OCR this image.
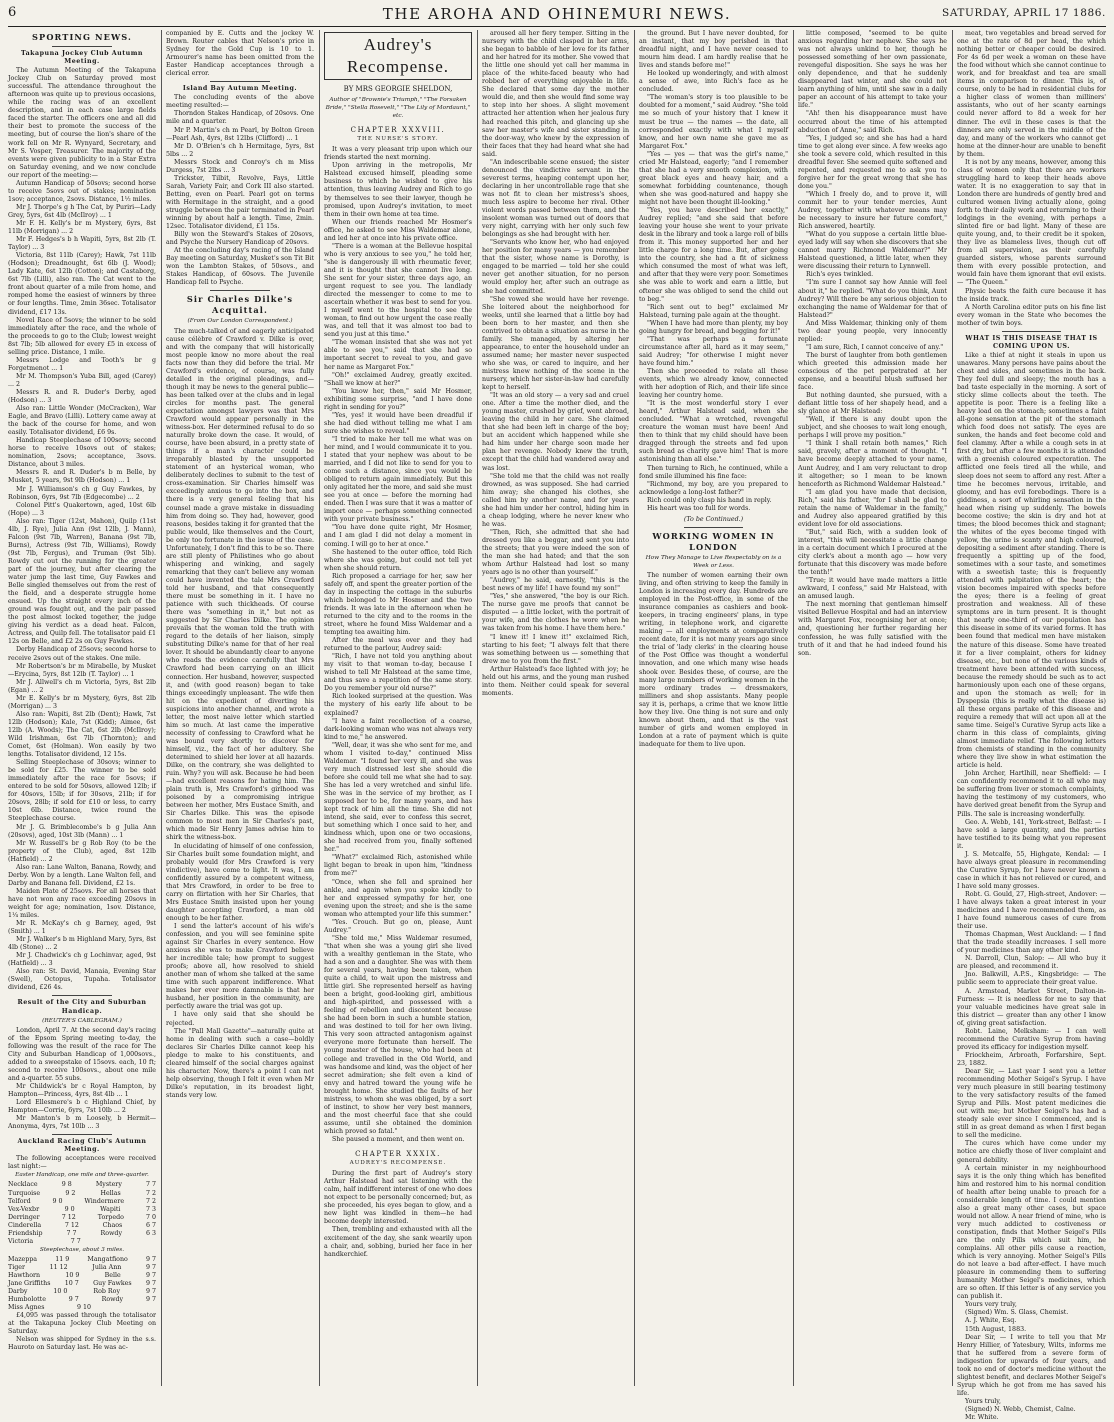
6	THE AROHA AND OHINEMURI NEWS.	SATURDAY, APRIL 17 1886.
SPORTING NEWS.
Takapuna Jockey Club Autumn Meeting.

The Autumn Meeting of the Takapuna Jockey Club on Saturday proved most successful. The attendance throughout the afternoon was quite up to previous occasions, while the racing was of an excellent description, and in each case large fields faced the starter. The officers one and all did their best to promote the success of the meeting, but of course the lion's share of the work fell on Mr R. Wynyard, Secretary, and Mr S. Vosper, Treasurer. The majority of the events were given publicity to in a Star Extra on Saturday evening, and we now conclude our report of the meeting:—

Autumn Handicap of 50sovs; second horse to receive 5sovs out of stakes; nomination 1sov; acceptance, 2sovs. Distance, 1½ miles.

Mr J. Thorpe's g h The Cat, by Puriri—Lady Grey, 5yrs, 6st 4lb (McIlroy) ... 1

Mr F. H. Kelly's br m Mystery, 6yrs, 8st 11lb (Morrigan) ... 2

Mr F. Hedges's b h Wapiti, 5yrs, 8st 2lb (T. Taylor) ... 3

Victoria, 8st 11lb (Carey); Hawk, 7st 11lb (Hodson); Dreadnought, 6st 6lb (J. Wood); Lady Kate, 6st 12lb (Cotton); and Castaborg, 6st 7lb (Lilli), also ran. The Cat went to the front about quarter of a mile from home, and romped home the easiest of winners by three or four lengths. Time, 2min 36sec. Totalisator dividend, £17 13s.

Novel Race of 5sovs; the winner to be sold immediately after the race, and the whole of the proceeds to go to the Club; lowest weight 8st 7lb; 5lb allowed for every £5 in excess of selling price. Distance, 1 mile.

Messrs Lodge and Tooth's br g Forgetmenot ... 1

Mr M. Thompson's Yuba Bill, aged (Carey) ... 2

Messrs R. and R. Duder's Derby, aged (Hodson) ... 3

Also ran: Little Wonder (McCracken), War Eagle, and Bravo (Lilli). Lottery came away at the back of the course for home, and won easily. Totalisator dividend, £6 9s.

Handicap Steeplechase of 100sovs; second horse to receive 10sovs out of stakes; nomination, 2sovs; acceptance, 3sovs. Distance, about 3 miles.

Messrs R. and R. Duder's b m Belle, by Musket, 5 years, 9st 9lb (Hodson) ... 1

Mr J. Williamson's ch g Guy Fawkes, by Robinson, 6yrs, 9st 7lb (Edgecombe) ... 2

Colonel Pitt's Quakertown, aged, 10st 6lb (Hope) ... 3

Also ran: Tiger (12st, Mahon), Quilp (11st 4lb, J. Rye), Julia Ann (9st 12lb, J. Mann), Falcon (9st 7lb, Warren), Banana (9st 7lb, Burns), Actress (9st 7lb, Williams), Rowdy (9st 7lb, Fergus), and Truman (9st 5lb). Rowdy cut out the running for the greater part of the journey, but after clearing the water jump the last time, Guy Fawkes and Belle singled themselves out from the rest of the field, and a desperate struggle home ensued. Up the straight every inch of the ground was fought out, and the pair passed the post almost locked together, the judge giving his verdict as a dead heat. Falcon, Actress, and Quilp fell. The totalisator paid £1 12s on Belle, and £2 2s on Guy Fawkes.

Derby Handicap of 25sovs; second horse to receive 2sovs out of the stakes. One mile.

Mr Robertson's br m Mirabelle, by Musket—Erycina, 5yrs, 8st 12lb (T. Taylor) ... 1

Mr J. Allwell's ch m Victoria, 5yrs, 8st 2lb (Egan) ... 2

Mr E. Kelly's br m Mystery, 6yrs, 8st 2lb (Morrigan) ... 3

Also ran: Wapiti, 8st 2lb (Dent); Hawk, 7st 12lb (Hodson); Kale, 7st (Kidd); Aimee, 6st 12lb (A. Woods); The Cat, 6st 2lb (McIlroy); Wild Irishman, 6st 7lb (Thornton); and Comet, 6st (Holman). Won easily by two lengths. Totalisator dividend, 12 15s.

Selling Steeplechase of 30sovs; winner to be sold for £25. The winner to be sold immediately after the race for 5sovs; if entered to be sold for 50sovs, allowed 12lb; if for 40sovs, 15lb; if for 30sovs, 21lb; if for 20sovs, 28lb; if sold for £10 or less, to carry 10st 6lb. Distance, twice round the Steeplechase course.

Mr J. G. Brimblecombe's b g Julia Ann (20sovs), aged, 10st 3lb (Mann) ... 1

Mr W. Russell's br g Rob Roy (to be the property of the Club), aged, 8st 12lb (Hatfield) ... 2

Also ran: Lane Walton, Banana, Rowdy, and Derby. Won by a length. Lane Walton fell, and Darby and Banana fell. Dividend, £2 1s.

Maiden Plate of 25sovs. For all horses that have not won any race exceeding 20sovs in weight for age; nomination, 1sov. Distance, 1¼ miles.

Mr R. McKay's ch g Barney, aged, 9st (Smith) ... 1

Mr J. Walker's b m Highland Mary, 5yrs, 8st 4lb (Stone) ... 2

Mr J. Chadwick's ch g Lochinvar, aged, 9st (Hatfield) ... 3

Also ran: St. David, Manaia, Evening Star (Swell), Octopus, Tupaha. Totalisator dividend, £26 4s.

Result of the City and Suburban Handicap.
(REUTER'S CABLEGRAM.)

London, April 7. At the second day's racing of the Epsom Spring meeting to-day, the following was the result of the race for The City and Suburban Handicap of 1,000sovs., added to a sweepstake of 15sovs. each, 10 ft; second to receive 100sovs., about one mile and a-quarter. 55 subs.

Mr Childwick's br c Royal Hampton, by Hampton—Princess, 4yrs, 8st 4lb ... 1

Lord Ellesmere's b c Highland Chief, by Hampton—Corrie, 6yrs, 7st 10lb ... 2

Mr Manton's b m Loosely, b Hermit—Anonyma, 4yrs, 7st 10lb ... 3

Auckland Racing Club's Autumn Meeting.

The following acceptances were received last night:—

Easter Handicap, one mile and three-quarter.
Necklace	9 8	Mystery	7 7
Turquoise	9 2	Hellas	7 2
Telford	9 0	Windermere	7 2
Vex-Vexbr	9 0	Wapiti	7 3
Derringer	7 12	Torpedo	7 0
Cinderella	7 12	Chaos	6 7
Friendship	7 7	Rowdy	6 3
Victoria	7 7
Steeplechase, about 3 miles.
Mazeppa	11 9	Mangatfiono	9 7
Tiger	11 12	Julia Ann	9 7
Hawthorn	10 9	Belle	9 7
Jane Griffiths 10 7 Guy Fawkes 9 7
Darby	10 0	Rob Roy	9 7
Humbolotte	9 7	Rowdy	9 7
Miss Agnes	9 10

£4,095 was passed through the totalisator at the Takapuna Jockey Club Meeting on Saturday.

Nelson was shipped for Sydney in the s.s. Hauroto on Saturday last. He was ac-

companied by E. Cutts and the jockey W. Brown. Reuter cables that Nelson's price in Sydney for the Gold Cup is 10 to 1. Armourer's name has been omitted from the Easter Handicap acceptances through a clerical error.

Island Bay Autumn Meeting.

The concluding events of the above meeting resulted:—

Thorndon Stakes Handicap, of 20sovs. One mile and a quarter.

Mr P. Martin's ch m Pearl, by Bolton Green—Pearl Ash, 4yrs, 8st 12lbs (Clifford) ... 1

Mr D. O'Brien's ch h Hermitage, 5yrs, 8st 5lbs ... 2

Messrs Stock and Conroy's ch m Miss Durgess, 7st 2lbs ... 3

Trickster, Tilbit, Revolve, Fays, Little Sarah, Variety Fair, and Cork III also started. Betting, even on Pearl. Pearl got on terms with Hermitage in the straight, and a good struggle between the pair terminated in Pearl winning by about half a length. Time, 2min. 12sec. Totalisator dividend, £1 15s.

Billy won the Steward's Stakes of 20sovs, and Psyche the Nursery Handicap of 20sovs.

At the concluding day's racing of the Island Bay meeting on Saturday, Musket's son Tit Bit won the Lambton Stakes, of 50sovs., and Stakes Handicap, of 60sovs. The Juvenile Handicap fell to Psyche.

Sir Charles Dilke's Acquittal.
(From Our London Correspondent.)

The much-talked of and eagerly anticipated cause célèbre of Crawford v. Dilke is over, and with the company that will historically most people know no more about the real facts now than they did before the trial. Mr Crawford's evidence, of course, was fully detailed in the original pleadings, and—though it may be news to the general public—has been talked over at the clubs and in legal circles for months past. The general expectation amongst lawyers was that Mrs Crawford would appear personally in the witness-box. Her determined refusal to do so naturally broke down the case. It would, of course, have been absurd, in a pretty state of things if a man's character could be irreparably blasted by the unsupported statement of an hysterical woman, who deliberately declines to submit to the test of cross-examination. Sir Charles himself was exceedingly anxious to go into the box, and there is a very general feeling that his counsel made a grave mistake in dissuading him from doing so. They had, however, good reasons, besides taking it for granted that the public would, like themselves and the Court, be only too fortunate in the issue of the case. Unfortunately, I don't find this to be so. There are still plenty of Philistines who go about whispering and winking, and sagely remarking that they can't believe any woman could have invented the tale Mrs Crawford told her husband, and that consequently there must be something in it. I have no patience with such thickheads. Of course there was "something in it," but not as suggested by Sir Charles Dilke. The opinion prevails that the woman told the truth with regard to the details of her liaison, simply substituting Dilke's name for that of her real lover. It should be abundantly clear to anyone who reads the evidence carefully that Mrs Crawford had been carrying on an illicit connection. Her husband, however, suspected it, and (with good reason) began to take things exceedingly unpleasant. The wife then hit on the expedient of diverting his suspicions into another channel, and wrote a letter, the most naive letter which startled him so much. At last came the imperative necessity of confessing to Crawford what he was bound very shortly to discover for himself, viz., the fact of her adultery. She determined to shield her lover at all hazards. Dilke, on the contrary, she was delighted to ruin. Why? you will ask. Because he had been—had excellent reasons for hating him. The plain truth is, Mrs Crawford's girlhood was poisoned by a compromising intrigue between her mother, Mrs Eustace Smith, and Sir Charles Dilke. This was the episode common to most men in Sir Charles's past, which made Sir Henry James advise him to shirk the witness-box.

In elucidating of himself of one confession, Sir Charles built some foundation might, and probably would (for Mrs Crawford is very vindictive), have come to light. It was, I am confidently assured by a competent witness, that Mrs Crawford, in order to be free to carry on flirtation with her Sir Charles, that Mrs Eustace Smith insisted upon her young daughter accepting Crawford, a man old enough to be her father.

I send the latter's account of his wife's confession, and you will see feminine spite against Sir Charles in every sentence. How anxious she was to make Crawford believe her incredible tale; how prompt to suggest proofs; above all, how resolved to shield another man of whom she talked at the same time with such apparent indifference. What makes her ever more damnable is that her husband, her position in the community, are perfectly aware the trial was got up.

I have only said that she should be rejected.

The "Pall Mall Gazette"—naturally quite at home in dealing with such a case—boldly declares Sir Charles Dilke cannot keep his pledge to make to his constituents, and cleared himself of the social charges against his character. Now, there's a point I can not help observing, though I felt it even when Mr Dilke's reputation, in its broadest light, stands very low.

Audrey's Recompense.
BY MRS GEORGIE SHELDON,
Author of "Brownie's Triumph," "The Forsaken Bride," "Stella Rosevelt," "The Lily of Mordaunt," etc.
CHAPTER XXXVIII.
THE NURSE'S STORY.

It was a very pleasant trip upon which our friends started the next morning.

Upon arriving in the metropolis, Mr Halstead excused himself, pleading some business to which he wished to give his attention, thus leaving Audrey and Rich to go by themselves to see their lawyer, though he promised, upon Audrey's invitation, to meet them in their own home at tea time.

When our friends reached Mr Hosmer's office, he asked to see Miss Waldemar alone, and led her at once into his private office.

"There is a woman at the Bellevue hospital who is very anxious to see you," he told her, "she is dangerously ill with rheumatic fever, and it is thought that she cannot live long. She sent for your sister, three days ago, an urgent request to see you. The landlady directed the messenger to come to me to ascertain whether it was best to send for you. I myself went to the hospital to see the woman, to find out how urgent the case really was, and tell that it was almost too bad to send you just at this time."

"The woman insisted that she was not yet able to see you," said that she had so important secret to reveal to you, and gave her name as Margaret Fox."

"Oh!" exclaimed Audrey, greatly excited. "Shall we know at her?"

"You know her, then," said Mr Hosmer, exhibiting some surprise, "and I have done right in sending for you?"

"Yes, yes! it would have been dreadful if she had died without telling me what I am sure she wishes to reveal."

"I tried to make her tell me what was on her mind, and I would communicate it to you. I stated that your nephew was about to be married, and I did not like to send for you to come such a distance, since you would be obliged to return again immediately. But this only agitated her the more, and said she must see you at once — before the morning had ended. Then I was sure that it was a matter of import once — perhaps something connected with your private business."

"You have done quite right, Mr Hosmer, and I am glad I did not delay a moment in coming. I will go to her at once."

She hastened to the outer office, told Rich where she was going, but could not tell yet when she should return.

Rich proposed a carriage for her, saw her safely off, and spent the greater portion of the day in inspecting the cottage in the suburbs which belonged to Mr Hosmer and the two friends. It was late in the afternoon when he returned to the city and to the rooms in the street, where he found Miss Waldemar and a tempting tea awaiting him.

After the meal was over and they had returned to the parlour, Audrey said:

"Rich, I have not told you anything about my visit to that woman to-day, because I wished to tell Mr Halstead at the same time, and thus save a repetition of the same story. Do you remember your old nurse?"

Rich looked surprised at the question. Was the mystery of his early life about to be explained?

"I have a faint recollection of a coarse, dark-looking woman who was not always very kind to me," he answered.

"Well, dear, it was she who sent for me, and whom I visited to-day," continued Miss Waldemar. "I found her very ill, and she was very much distressed lest she should die before she could tell me what she had to say. She has led a very wretched and sinful life. She was in the service of my brother, as I supposed her to be, for many years, and has kept track of him all the time. She did not intend, she said, ever to confess this secret, but something which I once said to her, and kindness which, upon one or two occasions, she had received from you, finally softened her."

"What?" exclaimed Rich, astonished while light began to break in upon him, "kindness from me?"

"Once, when she fell and sprained her ankle, and again when you spoke kindly to her and expressed sympathy for her, one evening upon the street; and she is the same woman who attempted your life this summer."

"Yes. Crouch. But go on, please, Aunt Audrey."

"She told me," Miss Waldemar resumed, "that when she was a young girl she lived with a wealthy gentleman in the State, who had a son and a daughter. She was with them for several years, having been taken, when quite a child, to wait upon the mistress and little girl. She represented herself as having been a bright, good-looking girl, ambitious and high-spirited, and possessed with a feeling of rebellion and discontent because she had been born in such a humble station, and was destined to toil for her own living. This very soon attracted antagonism against everyone more fortunate than herself. The young master of the house, who had been at college and travelled in the Old World, and was handsome and kind, was the object of her secret admiration; she felt even a kind of envy and hatred toward the young wife he brought home. She studied the faults of her mistress, to whom she was obliged, by a sort of instinct, to show her very best manners, and the most cheerful face that she could assume, until she obtained the dominion which proved so fatal."

She paused a moment, and then went on.

CHAPTER XXXIX.
AUDREY'S RECOMPENSE.

During the first part of Audrey's story Arthur Halstead had sat listening with the calm, half indifferent interest of one who does not expect to be personally concerned; but, as she proceeded, his eyes began to glow, and a new light was kindled in them—he had become deeply interested.

Then, trembling and exhausted with all the excitement of the day, she sank wearily upon a chair, and, sobbing, buried her face in her handkerchief.

aroused all her fiery temper. Sitting in the nursery with the child clasped in her arms, she began to babble of her love for its father and her hatred for its mother. She vowed that the little one should yet call her mamma in place of the white-faced beauty who had robbed her of everything enjoyable in life. She declared that some day the mother would die, and then she would find some way to step into her shoes. A slight movement attracted her attention when her jealous fury had reached this pitch, and glancing up she saw her master's wife and sister standing in the door-way, who knew by the expression of their faces that they had heard what she had said.

"An indescribable scene ensued; the sister denounced the vindictive servant in the severest terms, heaping contempt upon her, declaring in her uncontrollable rage that she was not fit to clean her mistress's shoes, much less aspire to become her rival. Other violent words passed between them, and the insolent woman was turned out of doors that very night, carrying with her only such few belongings as she had brought with her.

"Servants who know her, who had enjoyed her position for many years — you remember that the sister, whose name is Dorothy, is engaged to be married — told her she could never get another situation, for no person would employ her, after such an outrage as she had committed.

"She vowed she would have her revenge. She loitered about the neighborhood for weeks, until she learned that a little boy had been born to her master, and then she contrived to obtain a situation as nurse in the family. She managed, by altering her appearance, to enter the household under an assumed name; her master never suspected who she was, or cared to inquire, and her mistress knew nothing of the scene in the nursery, which her sister-in-law had carefully kept to herself.

"It was an old story — a very sad and cruel one. After a time the mother died, and the young master, crushed by grief, went abroad, leaving the child in her care. She claimed that she had been left in charge of the boy; but an accident which happened while she had him under her charge soon made her plan her revenge. Nobody knew the truth, except that the child had wandered away and was lost.

"She told me that the child was not really drowned, as was supposed. She had carried him away; she changed his clothes, she called him by another name, and for years she had him under her control, hiding him in a cheap lodging, where he never knew who he was.

"Then, Rich, she admitted that she had dressed you like a beggar, and sent you into the streets; that you were indeed the son of the man she had hated; and that the son whom Arthur Halstead had lost so many years ago is no other than yourself."

"Audrey," he said, earnestly, "this is the best news of my life! I have found my son!"

"Yes," she answered, "the boy is our Rich. The nurse gave me proofs that cannot be disputed — a little locket, with the portrait of your wife, and the clothes he wore when he was taken from his home. I have them here."

"I knew it! I knew it!" exclaimed Rich, starting to his feet; "I always felt that there was something between us — something that drew me to you from the first."

Arthur Halstead's face lighted with joy; he held out his arms, and the young man rushed into them. Neither could speak for several moments.

the ground. But I have never doubted, for an instant, that my boy perished in that dreadful night, and I have never ceased to mourn him dead. I am hardly realise that he lives and stands before me!"

He looked up wonderingly, and with almost a sense of awe, into Rich's face as he concluded.

"The woman's story is too plausible to be doubted for a moment," said Audrey. "She told me so much of your history that I knew it must be true — the names — the date, all corresponded exactly with what I myself know, and her own name she gave me as Margaret Fox."

"Yes — yes — that was the girl's name," cried Mr Halstead, eagerly; "and I remember that she had a very smooth complexion, with great black eyes and heavy hair, and a somewhat forbidding countenance, though when she was good-natured and happy she might not have been thought ill-looking."

"Yes, you have described her exactly," Audrey replied; "and she said that before leaving your house she went to your private desk in the library and took a large roll of bills from it. This money supported her and her little charge for a long time. But, after going into the country, she had a fit of sickness which consumed the most of what was left, and after that they were very poor. Sometimes she was able to work and earn a little, but oftener she was obliged to send the child out to beg."

"Rich sent out to beg!" exclaimed Mr Halstead, turning pale again at the thought.

"When I have had more than plenty, my boy going hungry for bread, and begging for it!"

"That was perhaps a fortunate circumstance after all, hard as it may seem," said Audrey; "for otherwise I might never have found him."

Then she proceeded to relate all these events, which we already know, connected with her adoption of Rich, and their life since leaving her country home.

"It is the most wonderful story I ever heard," Arthur Halstead said, when she concluded. "What a wretched, revengeful creature the woman must have been! And then to think that my child should have been dragged through the streets and fed upon such bread as charity gave him! That is more astonishing than all else."

Then turning to Rich, he continued, while a fond smile illumined his fine face:

"Richmond, my boy, are you prepared to acknowledge a long-lost father?"

Rich could only clasp his hand in reply.

His heart was too full for words.

(To be Continued.)
WORKING WOMEN IN LONDON
How They Manage to Live Respectably on is a Week or Less.

The number of women earning their own living, and often striving to keep the family in London is increasing every day. Hundreds are employed in the Post-office, in some of the insurance companies as cashiers and book-keepers, in tracing engineers' plans, in type writing, in telephone work, and cigarette making — all employments at comparatively recent date, for it is not many years ago since the trial of 'lady clerks' in the clearing house of the Post Office was thought a wonderful innovation, and one which many wise heads shook over. Besides these, of course, are the many large numbers of working women in the more ordinary trades — dressmakers, milliners and shop assistants. Many people say it is, perhaps, a crime that we know little how they live. One thing is not sure and only known about them, and that is the vast number of girls and women employed in London at a rate of payment which is quite inadequate for them to live upon.

little composed, "seemed to be quite anxious regarding her nephew. She says he was not always unkind to her, though he possessed something of her own passionate, revengeful disposition. She says he was her only dependence, and that he suddenly disappeared last winter, and she could not learn anything of him, until she saw in a daily paper an account of his attempt to take your life."

"Ah! then his disappearance must have occurred about the time of his attempted abduction of Anne," said Rich.

"Yes, I judged so; and she has had a hard time to get along ever since. A few weeks ago she took a severe cold, which resulted in this dreadful fever. She seemed quite softened and repented, and requested me to ask you to forgive her for the great wrong that she has done you."

"Which I freely do, and to prove it, will commit her to your tender mercies, Aunt Audrey, together with whatever means may be necessary to insure her future comfort," Rich answered, heartily.

"What do you suppose a certain little blue-eyed lady will say when she discovers that she cannot marry Richmond Waldemar?" Mr Halstead questioned, a little later, when they were discussing their return to Lynnwell.

Rich's eyes twinkled.

"I'm sure I cannot say how Annie will feel about it," he replied. "What do you think, Aunt Audrey? Will there be any serious objection to exchanging the name of Waldemar for that of Halstead?"

And Miss Waldemar, thinking only of them two dear young people, very innocently replied:

"I am sure, Rich, I cannot conceive of any."

The burst of laughter from both gentlemen which greeted this admission made her conscious of the pet perpetrated at her expense, and a beautiful blush suffused her face.

But nothing daunted, she pursued, with a defiant little toss of her shapely head, and a sly glance at Mr Halstead:

"Well, if there is any doubt upon the subject, and she chooses to wait long enough, perhaps I will prove my position."

"I think I shall retain both names," Rich said, gravely, after a moment of thought. "I have become deeply attached to your name, Aunt Audrey, and I am very reluctant to drop it altogether; so I mean to be known henceforth as Richmond Waldemar Halstead."

"I am glad you have made that decision, Rich," said his father, "for I shall be glad to retain the name of Waldemar in the family," and Audrey also appeared gratified by this evident love for old associations.

"But," said Rich, with a sudden look of interest, "this will necessitate a little change in a certain document which I procured at the city clerk's about a month ago — how very fortunate that this discovery was made before the tenth!"

"True; it would have made matters a little awkward, I confess," said Mr Halstead, with an amused laugh.

The next morning that gentleman himself visited Bellevue Hospital and had an interview with Margaret Fox, recognising her at once; and, questioning her further regarding her confession, he was fully satisfied with the truth of it and that he had indeed found his son.

meat, two vegetables and bread served for one at the rate of 8d per head, the which nothing better or cheaper could be desired. For 4s 6d per week a woman on these have the food without which she cannot continue to work, and for breakfast and tea are small items in comparison to dinner. This is, of course, only to be had in residential clubs for a higher class of women than milliners' assistants, who out of her scanty earnings could never afford to 8d a week for her dinner. The evil in these cases is that the dinners are only served in the middle of the day, and many of the workers who cannot get home at the dinner-hour are unable to benefit by them.

It is not by any means, however, among this class of women only that there are workers struggling hard to keep their heads above water. It is no exaggeration to say that in London there are hundreds of gently bred and cultured women living actually alone, going forth to their daily work and returning to their lodgings in the evening, with perhaps a slinted fire or bad light. Many of these are quite young, and, to their credit be it spoken, they live as blameless lives, though cut off from all supervision, as their carefully guarded sisters, whose parents surround them with every possible protection, and would fain have them ignorant that evil exists. — "The Queen."

Physic beats the faith cure because it has the inside track.

A North Carolina editor puts on his fine list every woman in the State who becomes the mother of twin boys.

WHAT IS THIS DISEASE THAT IS COMING UPON US.

Like a thief at night it steals in upon us unawares. Many persons have pains about the chest and sides, and sometimes in the back. They feel dull and sleepy; the mouth has a bad taste especially in the morning. A sort of sticky slime collects about the teeth. The appetite is poor. There is a feeling like a heavy load on the stomach; sometimes a faint all-gone sensation at the pit of the stomach which food does not satisfy. The eyes are sunken, the hands and feet become cold and feel clammy. After a while a cough sets in at first dry, but after a few months it is attended with a greenish coloured expectoration. The afflicted one feels tired all the while, and sleep does not seem to afford any rest. After a time he becomes nervous, irritable, and gloomy, and has evil forebodings. There is a giddiness, a sort of whirling sensation in the head when rising up suddenly. The bowels become costive; the skin is dry and hot at times; the blood becomes thick and stagnant; the whites of the eyes become tinged with yellow, the urine is scanty and high coloured, depositing a sediment after standing. There is frequently a spitting up of the food, sometimes with a sour taste, and sometimes with a sweetish taste; this is frequently attended with palpitation of the heart; the vision becomes impaired with specks before the eyes; there is a feeling of great prostration and weakness. All of these symptoms are in turn present. It is thought that nearly one-third of our population has this disease in some of its varied forms. It has been found that medical men have mistaken the nature of this disease. Some have treated it for a liver complaint, others for kidney disease, etc., but none of the various kinds of treatment have been attended with success, because the remedy should be such as to act harmoniously upon each one of these organs, and upon the stomach as well; for in Dyspepsia (this is really what the disease is) all these organs partake of this disease and require a remedy that will act upon all at the same time. Seigel's Curative Syrup acts like a charm in this class of complaints, giving almost immediate relief. The following letters from chemists of standing in the community where they live show in what estimation the article is held.

John Archer, Hartlhill, near Sheffield: — I can confidently recommend it to all who may be suffering from liver or stomach complaints, having the testimony of my customers, who have derived great benefit from the Syrup and Pills. The sale is increasing wonderfully.

Geo. A. Webb, 141, York-street, Belfast: — I have sold a large quantity, and the parties have testified to its being what you represent it.

J. S. Metcalfe, 55, Highgate, Kendal: — I have always great pleasure in recommending the Curative Syrup, for I have never known a case in which it has not relieved or cured, and I have sold many grosses.

Robt. G. Gould, 27, High-street, Andover: — I have always taken a great interest in your medicines and I have recommended them, as I have found numerous cases of cure from their use.

Thomas Chapman, West Auckland: — I find that the trade steadily increases. I sell more of your medicines than any other kind.

N. Darroll, Clun, Salop: — All who buy it are pleased, and recommend it.

Jno. Balkwill, A.P.S., Kingsbridge: — The public seem to appreciate their great value.

A. Armstead, Market Street, Dalton-in-Furness: — It is needless for me to say that your valuable medicines have great sale in this district — greater than any other I know of, giving great satisfaction.

Robt. Laine, Melksham: — I can well recommend the Curative Syrup from having proved its efficacy for indigestion myself.

Friockheim, Arbroath, Forfarshire, Sept. 23, 1882.

Dear Sir, — Last year I sent you a letter recommending Mother Seigel's Syrup. I have very much pleasure in still bearing testimony to the very satisfactory results of the famed Syrup and Pills. Most patent medicines die out with me; but Mother Seigel's has had a steady sale ever since I commenced, and is still in as great demand as when I first began to sell the medicine.

The cures which have come under my notice are chiefly those of liver complaint and general debility.

A certain minister in my neighbourhood says it is the only thing which has benefited him and restored him to his normal condition of health after being unable to preach for a considerable length of time. I could mention also a great many other cases, but space would not allow. A near friend of mine, who is very much addicted to costiveness or constipation, finds that Mother Seigel's Pills are the only Pills which suit him, he complains. All other pills cause a reaction, which is very annoying. Mother Seigel's Pills do not leave a bad after-effect. I have much pleasure in commending them to suffering humanity Mother Seigel's medicines, which are so often. If this letter is of any service you can publish it.

Yours very truly,

(Signed) Wm. S. Glass, Chemist.

A. J. White, Esq.

15th August, 1883.

Dear Sir, — I write to tell you that Mr Henry Hillier, of Yatesbury, Wilts, informs me that he suffered from a severe form of indigestion for upwards of four years, and took no end of doctor's medicine without the slightest benefit, and declares Mother Seigel's Syrup which he got from me has saved his life.

Yours truly,

(Signed) N. Webb, Chemist, Calne.

Mr. White.
